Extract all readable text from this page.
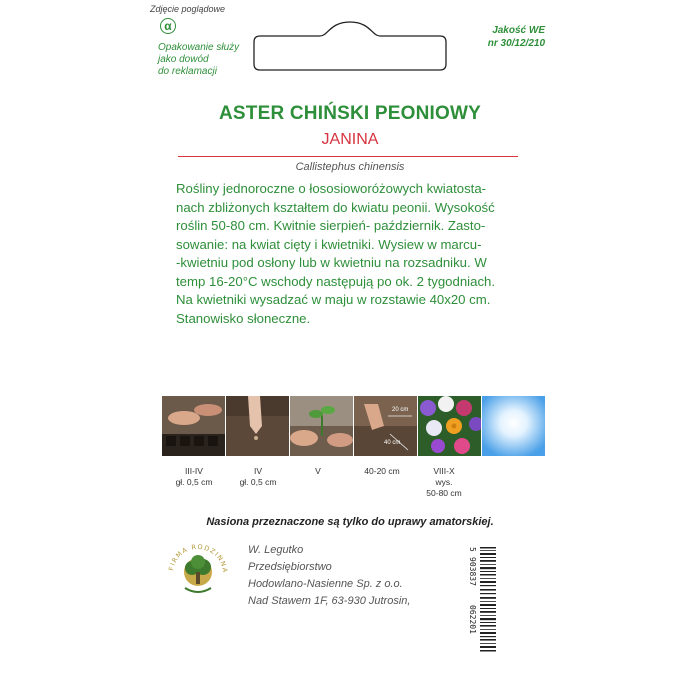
Zdjęcie poglądowe
α
Opakowanie służy
jako dowód
do reklamacji
Jakość WE
nr 30/12/210
ASTER CHIŃSKI PEONIOWY
JANINA
Callistephus chinensis
Rośliny jednoroczne o łososioworóżowych kwiatosta-
nach zbliżonych kształtem do kwiatu peonii. Wysokość
roślin 50-80 cm. Kwitnie sierpień- październik. Zasto-
sowanie: na kwiat cięty i kwietniki. Wysiew w marcu-
-kwietniu pod osłony lub w kwietniu na rozsadniku. W
temp 16-20°C wschody następują po ok. 2 tygodniach.
Na kwietniki wysadzać w maju w rozstawie 40x20 cm.
Stanowisko słoneczne.
20 cm
40 cm
III-IV
gł. 0,5 cm
IV
gł. 0,5 cm
V	40-20 cm	VIII-X
wys.
50-80 cm
Nasiona przeznaczone są tylko do uprawy amatorskiej.
FIRMA RODZINNA
W. Legutko
Przedsiębiorstwo
Hodowlano-Nasienne Sp. z o.o.
Nad Stawem 1F, 63-930 Jutrosin,
5
903837
062201
